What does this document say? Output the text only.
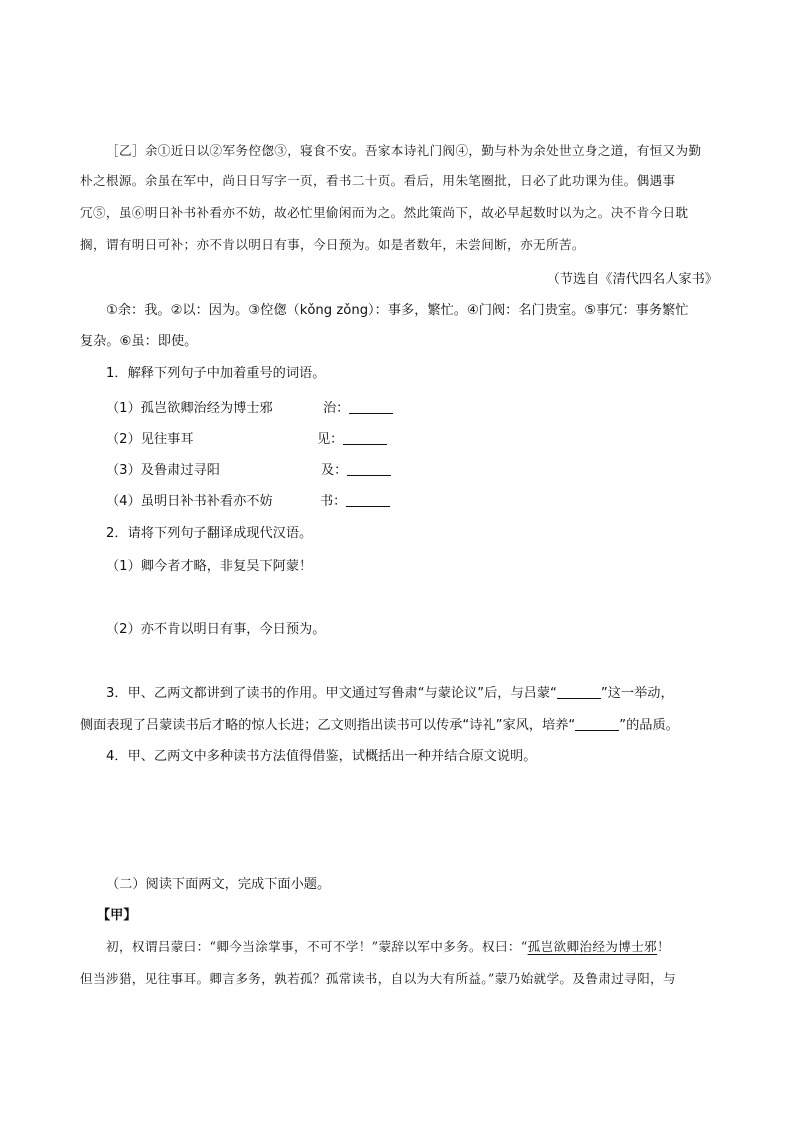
［乙］余①近日以②军务倥偬③，寝食不安。吾家本诗礼门阀④，勤与朴为余处世立身之道，有恒又为勤
朴之根源。余虽在军中，尚日日写字一页，看书二十页。看后，用朱笔圈批，日必了此功课为佳。偶遇事
冗⑤，虽⑥明日补书补看亦不妨，故必忙里偷闲而为之。然此策尚下，故必早起数时以为之。决不肯今日耽
搁，谓有明日可补；亦不肯以明日有事，今日预为。如是者数年，未尝间断，亦无所苦。
（节选自《清代四名人家书》
①余：我。②以：因为。③倥偬（kǒng zǒng）：事多，繁忙。④门阀：名门贵室。⑤事冗：事务繁忙
复杂。⑥虽：即使。
1．解释下列句子中加着重号的词语。
（1）孤岂欲卿治经为博士邪	治：
（2）见往事耳	见：
（3）及鲁肃过寻阳	及：
（4）虽明日补书补看亦不妨	书：
2．请将下列句子翻译成现代汉语。
（1）卿今者才略，非复吴下阿蒙！
（2）亦不肯以明日有事，今日预为。
3．甲、乙两文都讲到了读书的作用。甲文通过写鲁肃“与蒙论议”后，与吕蒙“	”这一举动，
侧面表现了吕蒙读书后才略的惊人长进；乙文则指出读书可以传承“诗礼”家风，培养“	”的品质。
4．甲、乙两文中多种读书方法值得借鉴，试概括出一种并结合原文说明。
（二）阅读下面两文，完成下面小题。
【甲】
初，权谓吕蒙曰：“卿今当涂掌事，不可不学！”蒙辞以军中多务。权曰：“孤岂欲卿治经为博士邪！
但当涉猎，见往事耳。卿言多务，孰若孤？孤常读书，自以为大有所益。”蒙乃始就学。及鲁肃过寻阳，与
